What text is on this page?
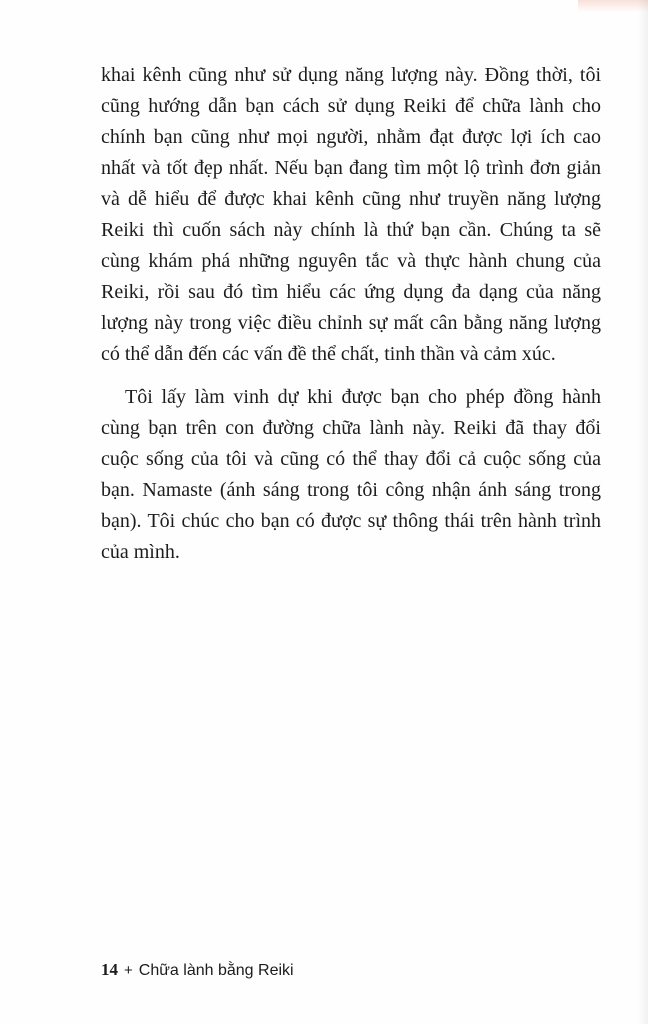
khai kênh cũng như sử dụng năng lượng này. Đồng thời, tôi cũng hướng dẫn bạn cách sử dụng Reiki để chữa lành cho chính bạn cũng như mọi người, nhằm đạt được lợi ích cao nhất và tốt đẹp nhất. Nếu bạn đang tìm một lộ trình đơn giản và dễ hiểu để được khai kênh cũng như truyền năng lượng Reiki thì cuốn sách này chính là thứ bạn cần. Chúng ta sẽ cùng khám phá những nguyên tắc và thực hành chung của Reiki, rồi sau đó tìm hiểu các ứng dụng đa dạng của năng lượng này trong việc điều chỉnh sự mất cân bằng năng lượng có thể dẫn đến các vấn đề thể chất, tinh thần và cảm xúc.

Tôi lấy làm vinh dự khi được bạn cho phép đồng hành cùng bạn trên con đường chữa lành này. Reiki đã thay đổi cuộc sống của tôi và cũng có thể thay đổi cả cuộc sống của bạn. Namaste (ánh sáng trong tôi công nhận ánh sáng trong bạn). Tôi chúc cho bạn có được sự thông thái trên hành trình của mình.

14 + Chữa lành bằng Reiki
